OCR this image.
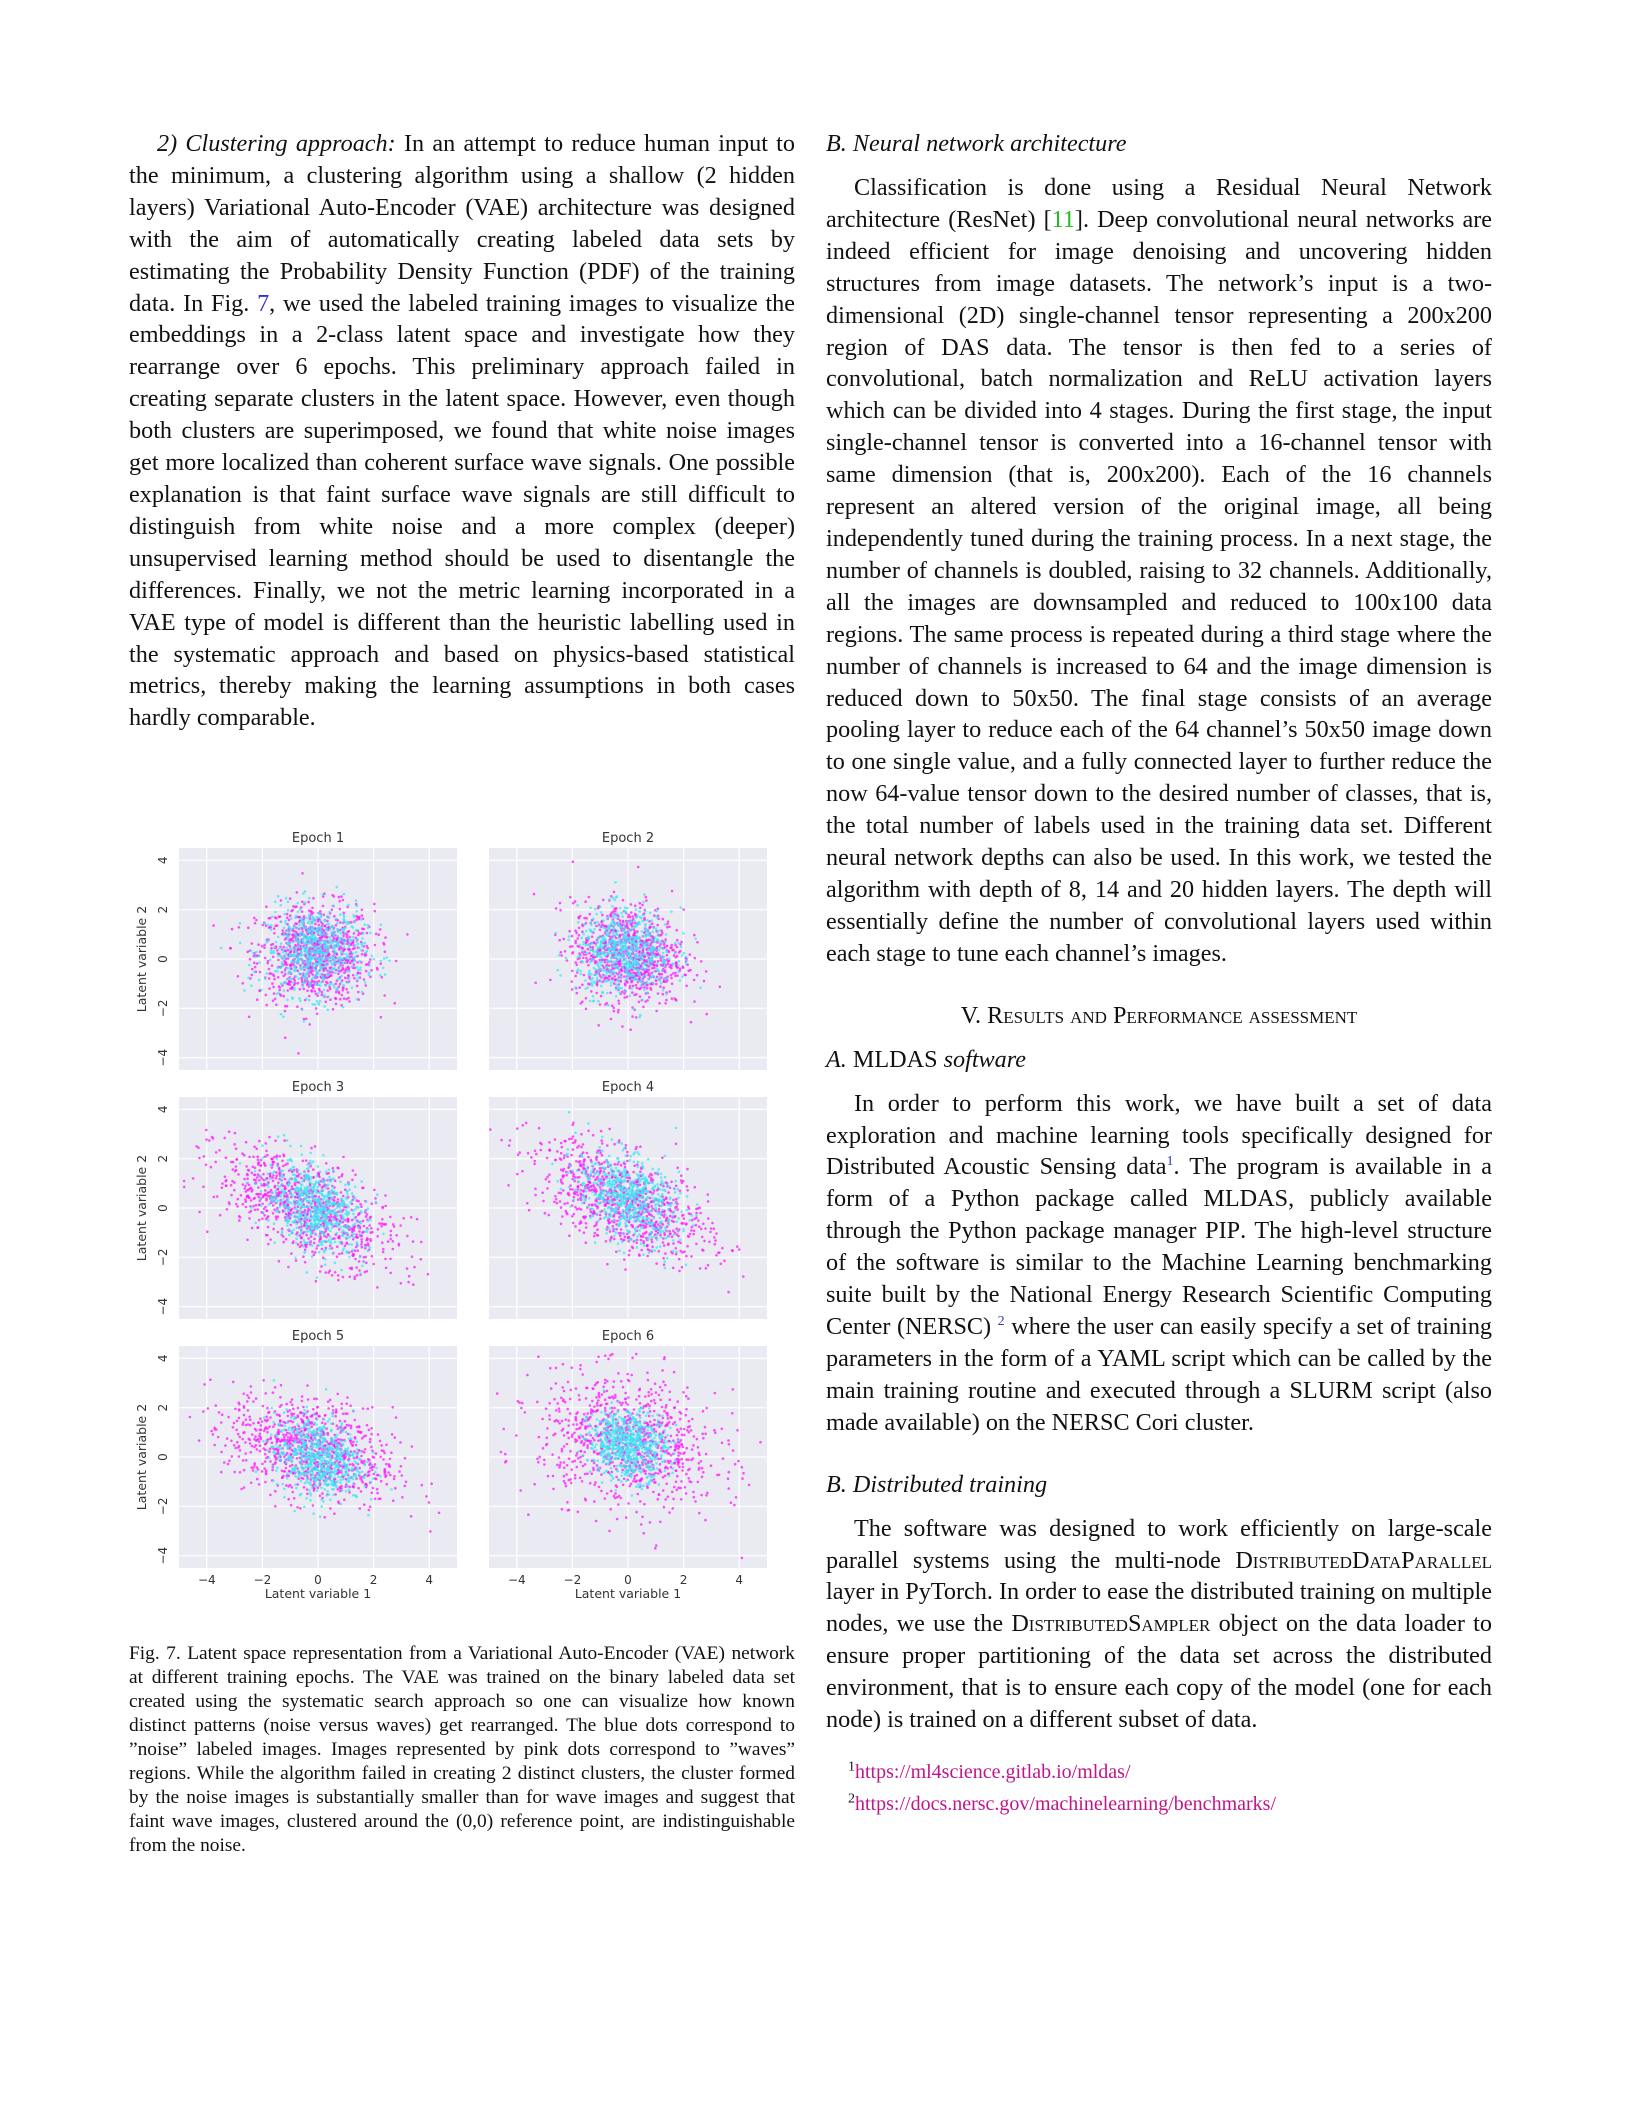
2) Clustering approach: In an attempt to reduce human input to the minimum, a clustering algorithm using a shallow (2 hidden layers) Variational Auto-Encoder (VAE) architecture was designed with the aim of automatically creating labeled data sets by estimating the Probability Density Function (PDF) of the training data. In Fig. 7, we used the labeled training images to visualize the embeddings in a 2-class latent space and investigate how they rearrange over 6 epochs. This preliminary approach failed in creating separate clusters in the latent space. However, even though both clusters are superimposed, we found that white noise images get more localized than coherent surface wave signals. One possible explanation is that faint surface wave signals are still difficult to distinguish from white noise and a more complex (deeper) unsupervised learning method should be used to disentangle the differences. Finally, we not the metric learning incorporated in a VAE type of model is different than the heuristic labelling used in the systematic approach and based on physics-based statistical metrics, thereby making the learning assumptions in both cases hardly comparable.

Epoch 1
4
2
0
−2
−4
Latent variable 2
Epoch 2
Epoch 3
4
2
0
−2
−4
Latent variable 2
Epoch 4
Epoch 5
4
2
0
−2
−4
Latent variable 2
−4	−2	0	2	4
Latent variable 1
Epoch 6
−4	−2	0	2	4
Latent variable 1

Fig. 7. Latent space representation from a Variational Auto-Encoder (VAE) network at different training epochs. The VAE was trained on the binary labeled data set created using the systematic search approach so one can visualize how known distinct patterns (noise versus waves) get rearranged. The blue dots correspond to ”noise” labeled images. Images represented by pink dots correspond to ”waves” regions. While the algorithm failed in creating 2 distinct clusters, the cluster formed by the noise images is substantially smaller than for wave images and suggest that faint wave images, clustered around the (0,0) reference point, are indistinguishable from the noise.

B. Neural network architecture

Classification is done using a Residual Neural Network architecture (ResNet) [11]. Deep convolutional neural networks are indeed efficient for image denoising and uncovering hidden structures from image datasets. The network’s input is a two-dimensional (2D) single-channel tensor representing a 200x200 region of DAS data. The tensor is then fed to a series of convolutional, batch normalization and ReLU activation layers which can be divided into 4 stages. During the first stage, the input single-channel tensor is converted into a 16-channel tensor with same dimension (that is, 200x200). Each of the 16 channels represent an altered version of the original image, all being independently tuned during the training process. In a next stage, the number of channels is doubled, raising to 32 channels. Additionally, all the images are downsampled and reduced to 100x100 data regions. The same process is repeated during a third stage where the number of channels is increased to 64 and the image dimension is reduced down to 50x50. The final stage consists of an average pooling layer to reduce each of the 64 channel’s 50x50 image down to one single value, and a fully connected layer to further reduce the now 64-value tensor down to the desired number of classes, that is, the total number of labels used in the training data set. Different neural network depths can also be used. In this work, we tested the algorithm with depth of 8, 14 and 20 hidden layers. The depth will essentially define the number of convolutional layers used within each stage to tune each channel’s images.

V. Results and Performance assessment

A. MLDAS software

In order to perform this work, we have built a set of data exploration and machine learning tools specifically designed for Distributed Acoustic Sensing data$^1$. The program is available in a form of a Python package called MLDAS, publicly available through the Python package manager PIP. The high-level structure of the software is similar to the Machine Learning benchmarking suite built by the National Energy Research Scientific Computing Center (NERSC) $^2$ where the user can easily specify a set of training parameters in the form of a YAML script which can be called by the main training routine and executed through a SLURM script (also made available) on the NERSC Cori cluster.

B. Distributed training

The software was designed to work efficiently on large-scale parallel systems using the multi-node DistributedDataParallel layer in PyTorch. In order to ease the distributed training on multiple nodes, we use the DistributedSampler object on the data loader to ensure proper partitioning of the data set across the distributed environment, that is to ensure each copy of the model (one for each node) is trained on a different subset of data.

$^1$https://ml4science.gitlab.io/mldas/

$^2$https://docs.nersc.gov/machinelearning/benchmarks/
